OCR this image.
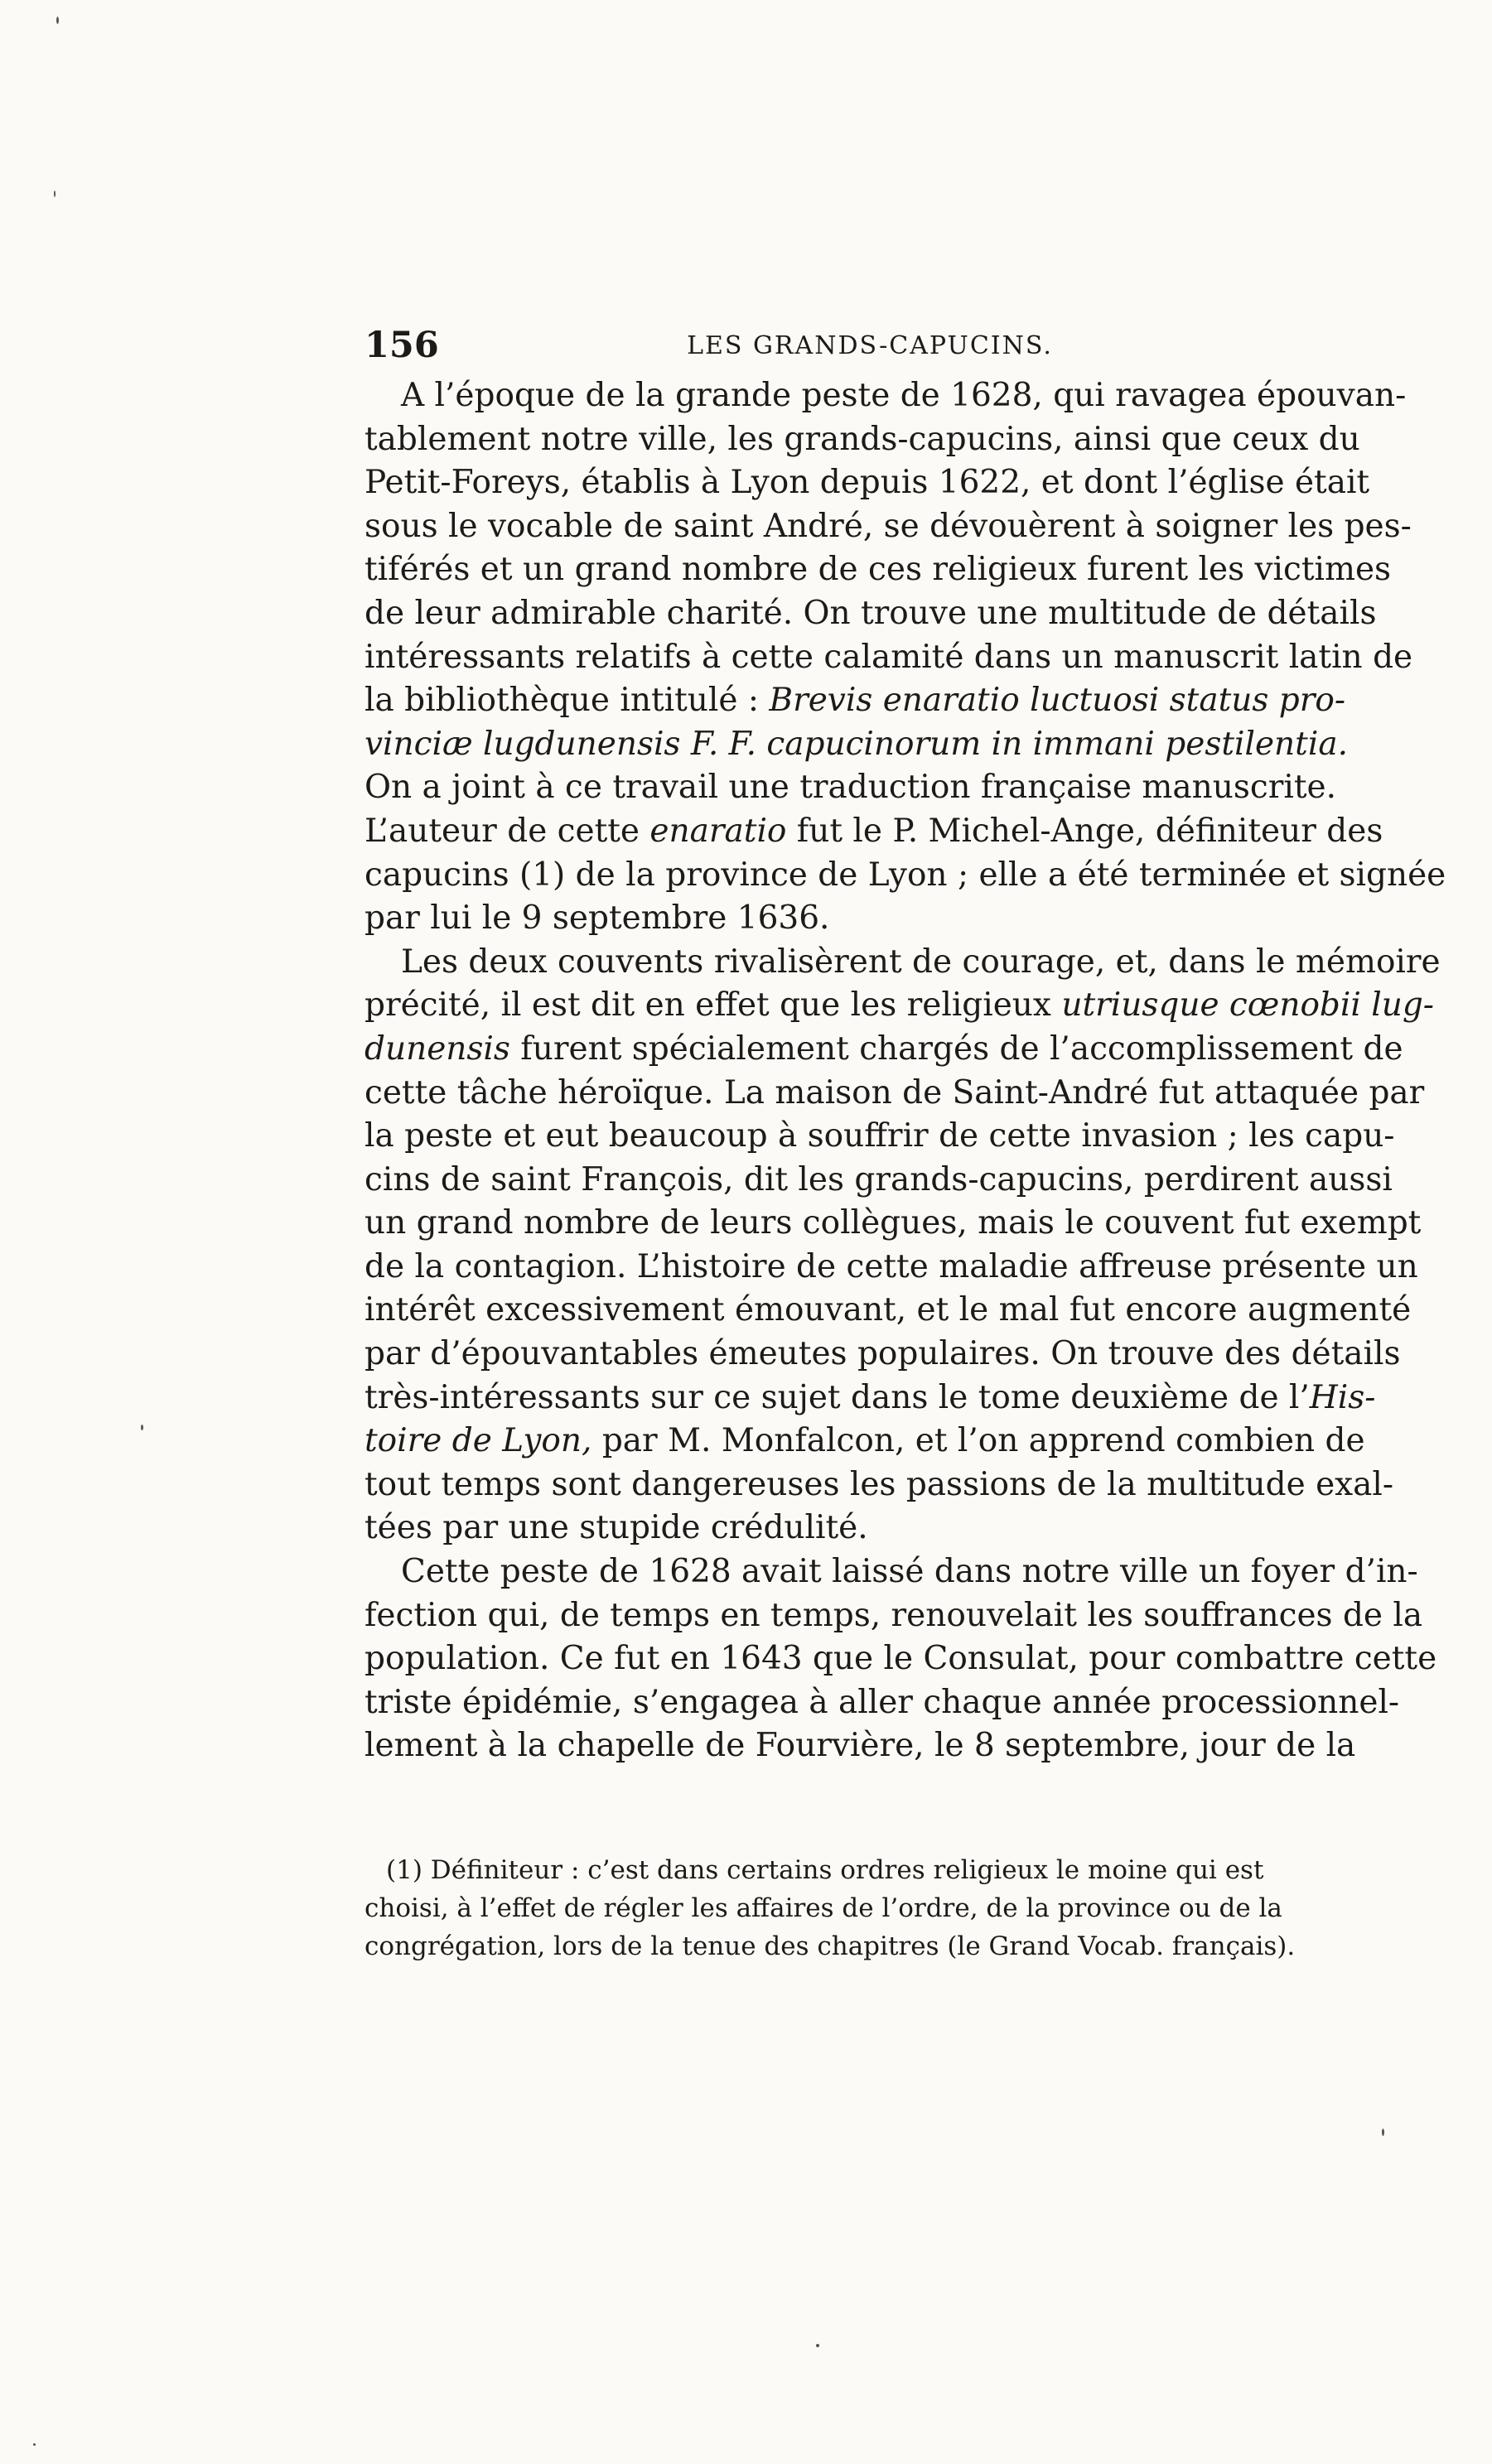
156	LES GRANDS-CAPUCINS.
A l’époque de la grande peste de 1628, qui ravagea épouvan-
tablement notre ville, les grands-capucins, ainsi que ceux du
Petit-Foreys, établis à Lyon depuis 1622, et dont l’église était
sous le vocable de saint André, se dévouèrent à soigner les pes-
tiférés et un grand nombre de ces religieux furent les victimes
de leur admirable charité. On trouve une multitude de détails
intéressants relatifs à cette calamité dans un manuscrit latin de
la bibliothèque intitulé : Brevis enaratio luctuosi status pro-
vinciæ lugdunensis F. F. capucinorum in immani pestilentia.
On a joint à ce travail une traduction française manuscrite.
L’auteur de cette enaratio fut le P. Michel-Ange, définiteur des
capucins (1) de la province de Lyon ; elle a été terminée et signée
par lui le 9 septembre 1636.
Les deux couvents rivalisèrent de courage, et, dans le mémoire
précité, il est dit en effet que les religieux utriusque cœnobii lug-
dunensis furent spécialement chargés de l’accomplissement de
cette tâche héroïque. La maison de Saint-André fut attaquée par
la peste et eut beaucoup à souffrir de cette invasion ; les capu-
cins de saint François, dit les grands-capucins, perdirent aussi
un grand nombre de leurs collègues, mais le couvent fut exempt
de la contagion. L’histoire de cette maladie affreuse présente un
intérêt excessivement émouvant, et le mal fut encore augmenté
par d’épouvantables émeutes populaires. On trouve des détails
très-intéressants sur ce sujet dans le tome deuxième de l’His-
toire de Lyon, par M. Monfalcon, et l’on apprend combien de
tout temps sont dangereuses les passions de la multitude exal-
tées par une stupide crédulité.
Cette peste de 1628 avait laissé dans notre ville un foyer d’in-
fection qui, de temps en temps, renouvelait les souffrances de la
population. Ce fut en 1643 que le Consulat, pour combattre cette
triste épidémie, s’engagea à aller chaque année processionnel-
lement à la chapelle de Fourvière, le 8 septembre, jour de la
(1) Définiteur : c’est dans certains ordres religieux le moine qui est
choisi, à l’effet de régler les affaires de l’ordre, de la province ou de la
congrégation, lors de la tenue des chapitres (le Grand Vocab. français).
